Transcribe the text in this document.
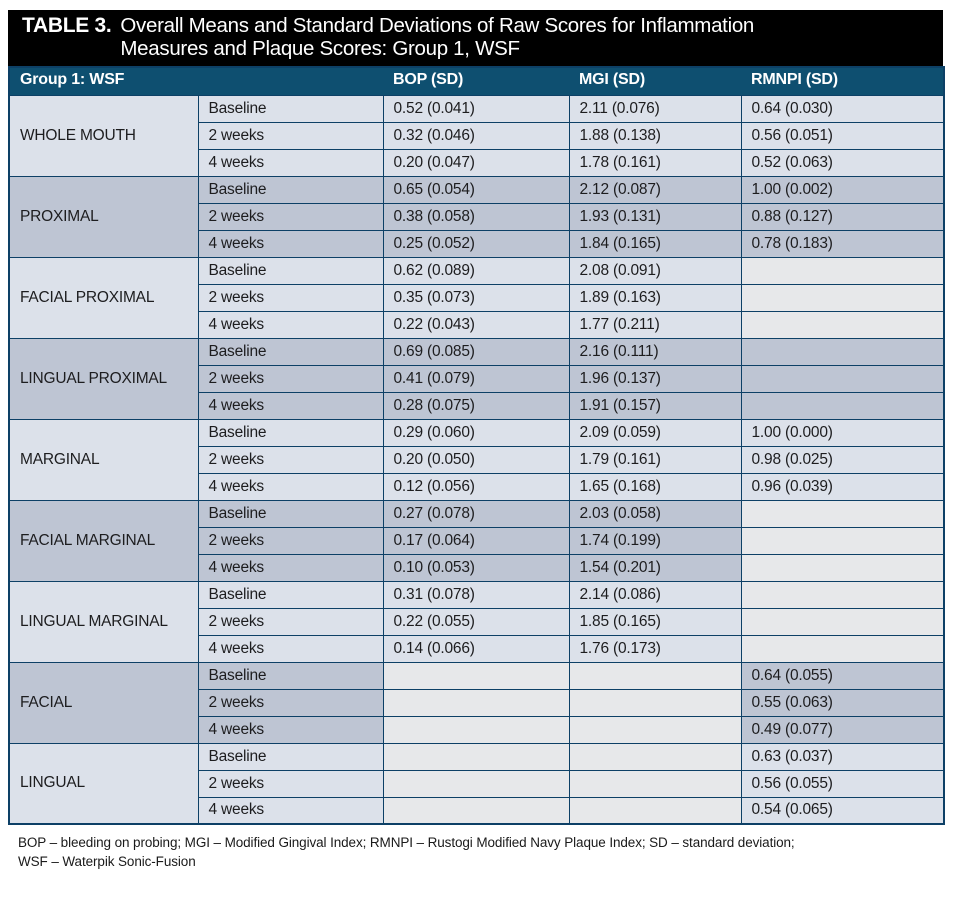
TABLE 3. Overall Means and Standard Deviations of Raw Scores for Inflammation
Measures and Plaque Scores: Group 1, WSF
Group 1: WSF		BOP (SD)	MGI (SD)	RMNPI (SD)
WHOLE MOUTH	Baseline	0.52 (0.041)	2.11 (0.076)	0.64 (0.030)
	2 weeks	0.32 (0.046)	1.88 (0.138)	0.56 (0.051)
	4 weeks	0.20 (0.047)	1.78 (0.161)	0.52 (0.063)
PROXIMAL	Baseline	0.65 (0.054)	2.12 (0.087)	1.00 (0.002)
	2 weeks	0.38 (0.058)	1.93 (0.131)	0.88 (0.127)
	4 weeks	0.25 (0.052)	1.84 (0.165)	0.78 (0.183)
FACIAL PROXIMAL	Baseline	0.62 (0.089)	2.08 (0.091)	
	2 weeks	0.35 (0.073)	1.89 (0.163)	
	4 weeks	0.22 (0.043)	1.77 (0.211)	
LINGUAL PROXIMAL	Baseline	0.69 (0.085)	2.16 (0.111)	
	2 weeks	0.41 (0.079)	1.96 (0.137)	
	4 weeks	0.28 (0.075)	1.91 (0.157)	
MARGINAL	Baseline	0.29 (0.060)	2.09 (0.059)	1.00 (0.000)
	2 weeks	0.20 (0.050)	1.79 (0.161)	0.98 (0.025)
	4 weeks	0.12 (0.056)	1.65 (0.168)	0.96 (0.039)
FACIAL MARGINAL	Baseline	0.27 (0.078)	2.03 (0.058)	
	2 weeks	0.17 (0.064)	1.74 (0.199)	
	4 weeks	0.10 (0.053)	1.54 (0.201)	
LINGUAL MARGINAL	Baseline	0.31 (0.078)	2.14 (0.086)	
	2 weeks	0.22 (0.055)	1.85 (0.165)	
	4 weeks	0.14 (0.066)	1.76 (0.173)	
FACIAL	Baseline			0.64 (0.055)
	2 weeks			0.55 (0.063)
	4 weeks			0.49 (0.077)
LINGUAL	Baseline			0.63 (0.037)
	2 weeks			0.56 (0.055)
	4 weeks			0.54 (0.065)
BOP – bleeding on probing; MGI – Modified Gingival Index; RMNPI – Rustogi Modified Navy Plaque Index; SD – standard deviation;
WSF – Waterpik Sonic-Fusion
